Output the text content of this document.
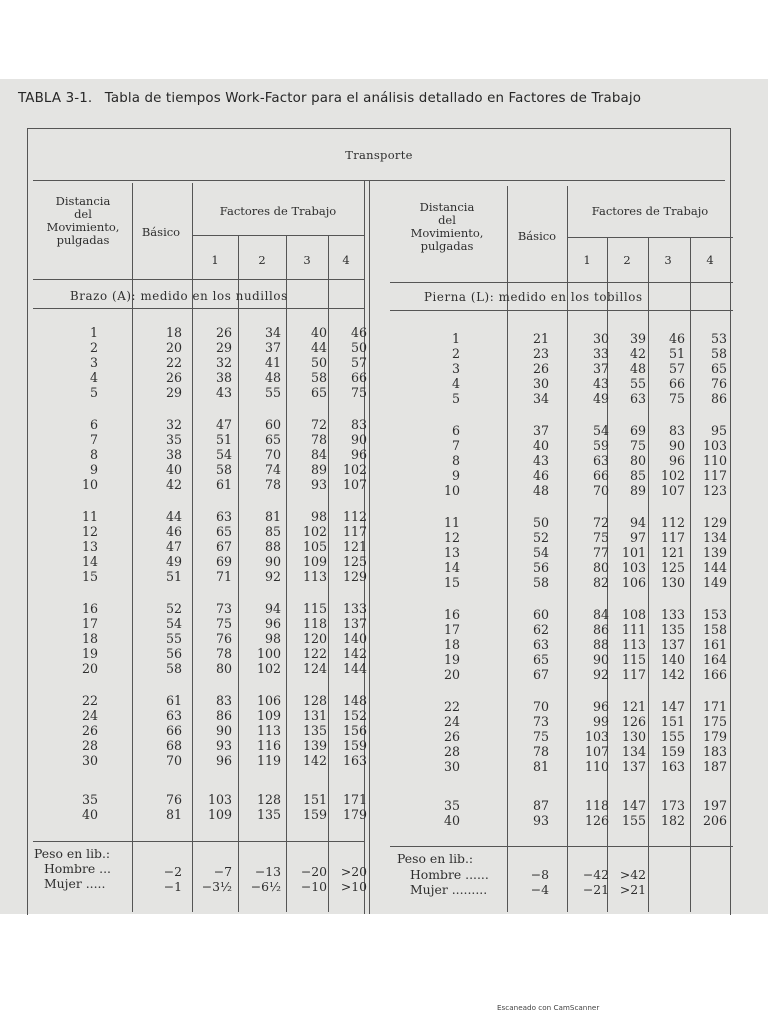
TABLA 3-1. Tabla de tiempos Work-Factor para el análisis detallado en Factores de Trabajo
Transporte
Distancia
del
Movimiento,
pulgadas
Básico
Factores de Trabajo
1	2	3	4
Distancia
del
Movimiento,
pulgadas
Básico
Factores de Trabajo
1	2	3	4
Brazo (A): medido en los nudillos	Pierna (L): medido en los tobillos
1	18	26	34	40	46
2	20	29	37	44	50
3	22	32	41	50	57
4	26	38	48	58	66
5	29	43	55	65	75
6	32	47	60	72	83
7	35	51	65	78	90
8	38	54	70	84	96
9	40	58	74	89	102
10	42	61	78	93	107
11	44	63	81	98	112
12	46	65	85	102	117
13	47	67	88	105	121
14	49	69	90	109	125
15	51	71	92	113	129
16	52	73	94	115	133
17	54	75	96	118	137
18	55	76	98	120	140
19	56	78	100	122	142
20	58	80	102	124	144
22	61	83	106	128	148
24	63	86	109	131	152
26	66	90	113	135	156
28	68	93	116	139	159
30	70	96	119	142	163
35	76	103	128	151	171
40	81	109	135	159	179
1	21	30	39	46	53
2	23	33	42	51	58
3	26	37	48	57	65
4	30	43	55	66	76
5	34	49	63	75	86
6	37	54	69	83	95
7	40	59	75	90	103
8	43	63	80	96	110
9	46	66	85	102	117
10	48	70	89	107	123
11	50	72	94	112	129
12	52	75	97	117	134
13	54	77	101	121	139
14	56	80	103	125	144
15	58	82	106	130	149
16	60	84	108	133	153
17	62	86	111	135	158
18	63	88	113	137	161
19	65	90	115	140	164
20	67	92	117	142	166
22	70	96	121	147	171
24	73	99	126	151	175
26	75	103	130	155	179
28	78	107	134	159	183
30	81	110	137	163	187
35	87	118	147	173	197
40	93	126	155	182	206
Peso en lib.:
Hombre ...
Mujer .....
−2	−7	−13	−20	>20
−1	−3½	−6½	−10	>10
Peso en lib.:
Hombre ......
Mujer .........
−8	−42 >42
−4	−21 >21
Escaneado con CamScanner
